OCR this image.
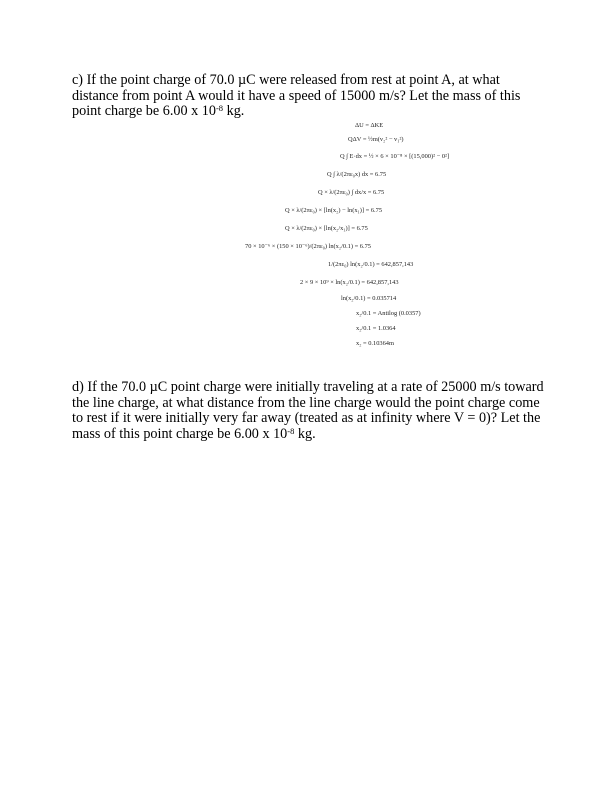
c) If the point charge of 70.0 µC were released from rest at point A, at what
distance from point A would it have a speed of 15000 m/s? Let the mass of this
point charge be 6.00 x $10^{-8}$ kg.
ΔU = ΔKE
QΔV = ½m(v₂² − v₁²)
Q ∫ E·dx = ½ × 6 × 10⁻⁸ × [(15,000)² − 0²]
Q ∫ λ/(2πε₀x) dx = 6.75
Q × λ/(2πε₀) ∫ dx/x = 6.75
Q × λ/(2πε₀) × [ln(x₂) − ln(x₁)] = 6.75
Q × λ/(2πε₀) × [ln(x₂/x₁)] = 6.75
70 × 10⁻⁶ × (150 × 10⁻⁶)/(2πε₀) ln(x₂/0.1) = 6.75
1/(2πε₀) ln(x₂/0.1) = 642,857,143
2 × 9 × 10⁹ × ln(x₂/0.1) = 642,857,143
ln(x₂/0.1) = 0.035714
x₂/0.1 = Antilog (0.0357)
x₂/0.1 = 1.0364
x₂ = 0.10364m
d) If the 70.0 µC point charge were initially traveling at a rate of 25000 m/s toward
the line charge, at what distance from the line charge would the point charge come
to rest if it were initially very far away (treated as at infinity where V = 0)? Let the
mass of this point charge be 6.00 x $10^{-8}$ kg.
